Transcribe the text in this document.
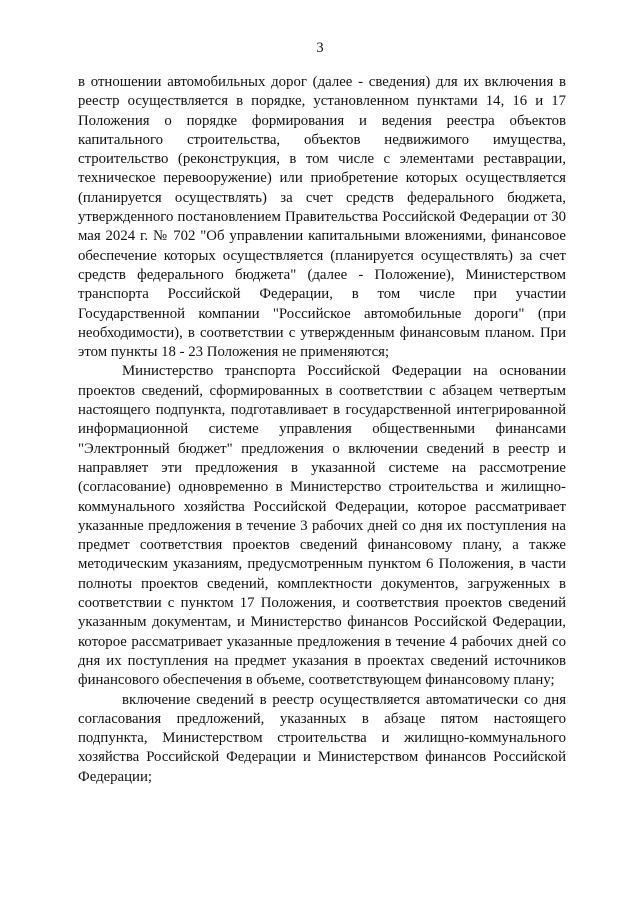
3

в отношении автомобильных дорог (далее - сведения) для их включения в реестр осуществляется в порядке, установленном пунктами 14, 16 и 17 Положения о порядке формирования и ведения реестра объектов капитального строительства, объектов недвижимого имущества, строительство (реконструкция, в том числе с элементами реставрации, техническое перевооружение) или приобретение которых осуществляется (планируется осуществлять) за счет средств федерального бюджета, утвержденного постановлением Правительства Российской Федерации от 30 мая 2024 г. № 702 "Об управлении капитальными вложениями, финансовое обеспечение которых осуществляется (планируется осуществлять) за счет средств федерального бюджета" (далее - Положение), Министерством транспорта Российской Федерации, в том числе при участии Государственной компании "Российское автомобильные дороги" (при необходимости), в соответствии с утвержденным финансовым планом. При этом пункты 18 - 23 Положения не применяются;

Министерство транспорта Российской Федерации на основании проектов сведений, сформированных в соответствии с абзацем четвертым настоящего подпункта, подготавливает в государственной интегрированной информационной системе управления общественными финансами "Электронный бюджет" предложения о включении сведений в реестр и направляет эти предложения в указанной системе на рассмотрение (согласование) одновременно в Министерство строительства и жилищно-коммунального хозяйства Российской Федерации, которое рассматривает указанные предложения в течение 3 рабочих дней со дня их поступления на предмет соответствия проектов сведений финансовому плану, а также методическим указаниям, предусмотренным пунктом 6 Положения, в части полноты проектов сведений, комплектности документов, загруженных в соответствии с пунктом 17 Положения, и соответствия проектов сведений указанным документам, и Министерство финансов Российской Федерации, которое рассматривает указанные предложения в течение 4 рабочих дней со дня их поступления на предмет указания в проектах сведений источников финансового обеспечения в объеме, соответствующем финансовому плану;

включение сведений в реестр осуществляется автоматически со дня согласования предложений, указанных в абзаце пятом настоящего подпункта, Министерством строительства и жилищно-коммунального хозяйства Российской Федерации и Министерством финансов Российской Федерации;
